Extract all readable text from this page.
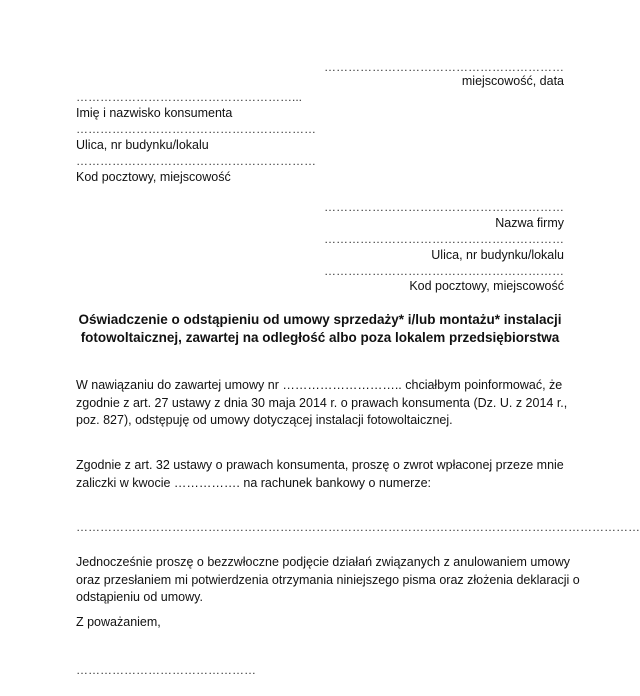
……………………………………………………
miejscowość, data
………………………………………………...
Imię i nazwisko konsumenta
……………………………………………………
Ulica, nr budynku/lokalu
……………………………………………………
Kod pocztowy, miejscowość
……………………………………………………
Nazwa firmy
……………………………………………………
Ulica, nr budynku/lokalu
……………………………………………………
Kod pocztowy, miejscowość
Oświadczenie o odstąpieniu od umowy sprzedaży* i/lub montażu* instalacji
fotowoltaicznej, zawartej na odległość albo poza lokalem przedsiębiorstwa
W nawiązaniu do zawartej umowy nr ……………………….. chciałbym poinformować, że
zgodnie z art. 27 ustawy z dnia 30 maja 2014 r. o prawach konsumenta (Dz. U. z 2014 r.,
poz. 827), odstępuję od umowy dotyczącej instalacji fotowoltaicznej.
Zgodnie z art. 32 ustawy o prawach konsumenta, proszę o zwrot wpłaconej przeze mnie
zaliczki w kwocie ……………. na rachunek bankowy o numerze:
……………………………………………………………………………………………………………………………
Jednocześnie proszę o bezzwłoczne podjęcie działań związanych z anulowaniem umowy
oraz przesłaniem mi potwierdzenia otrzymania niniejszego pisma oraz złożenia deklaracji o
odstąpieniu od umowy.
Z poważaniem,
………………………………………
